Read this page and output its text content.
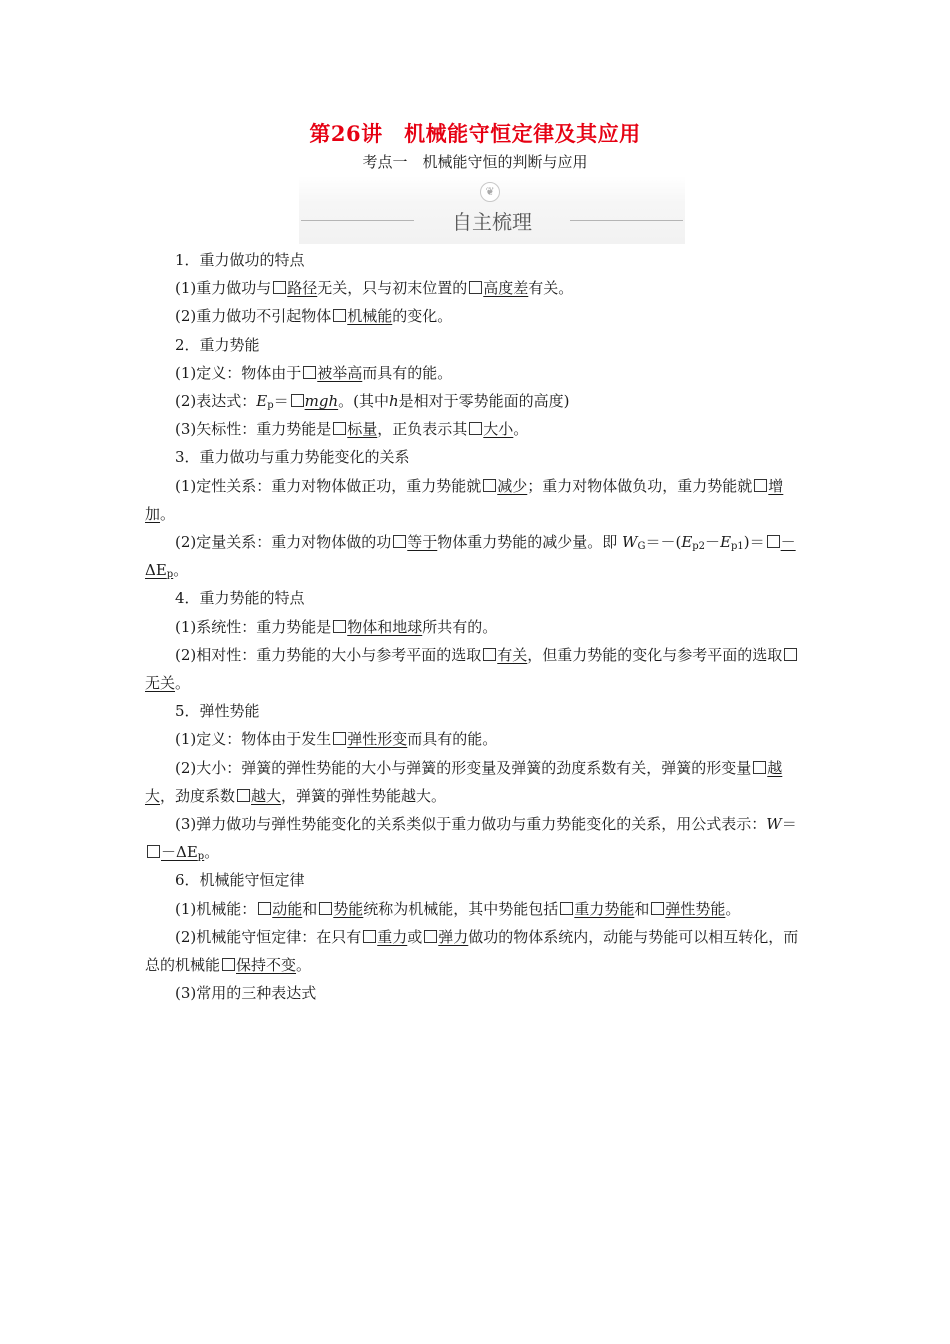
第26讲　机械能守恒定律及其应用
考点一　机械能守恒的判断与应用
❦
自主梳理

1．重力做功的特点

(1)重力做功与 路径无关，只与初末位置的 高度差有关。

(2)重力做功不引起物体 机械能的变化。

2．重力势能

(1)定义：物体由于 被举高而具有的能。

(2)表达式：$E_p=$ mgh。(其中h是相对于零势能面的高度)

(3)矢标性：重力势能是 标量，正负表示其 大小。

3．重力做功与重力势能变化的关系

(1)定性关系：重力对物体做正功，重力势能就 减少；重力对物体做负功，重力势能就 增加。

(2)定量关系：重力对物体做的功 等于物体重力势能的减少量。即 $W_G=-(E_{p2}-E_{p1})= -\Delta E_p$。

4．重力势能的特点

(1)系统性：重力势能是 物体和地球所共有的。

(2)相对性：重力势能的大小与参考平面的选取 有关，但重力势能的变化与参考平面的选取无关。

5．弹性势能

(1)定义：物体由于发生 弹性形变而具有的能。

(2)大小：弹簧的弹性势能的大小与弹簧的形变量及弹簧的劲度系数有关，弹簧的形变量 越大，劲度系数 越大，弹簧的弹性势能越大。

(3)弹力做功与弹性势能变化的关系类似于重力做功与重力势能变化的关系，用公式表示：$W=-\Delta E_p$。

6．机械能守恒定律

(1)机械能： 动能和 势能统称为机械能，其中势能包括 重力势能和 弹性势能。

(2)机械能守恒定律：在只有 重力或 弹力做功的物体系统内，动能与势能可以相互转化，而总的机械能 保持不变。

(3)常用的三种表达式
